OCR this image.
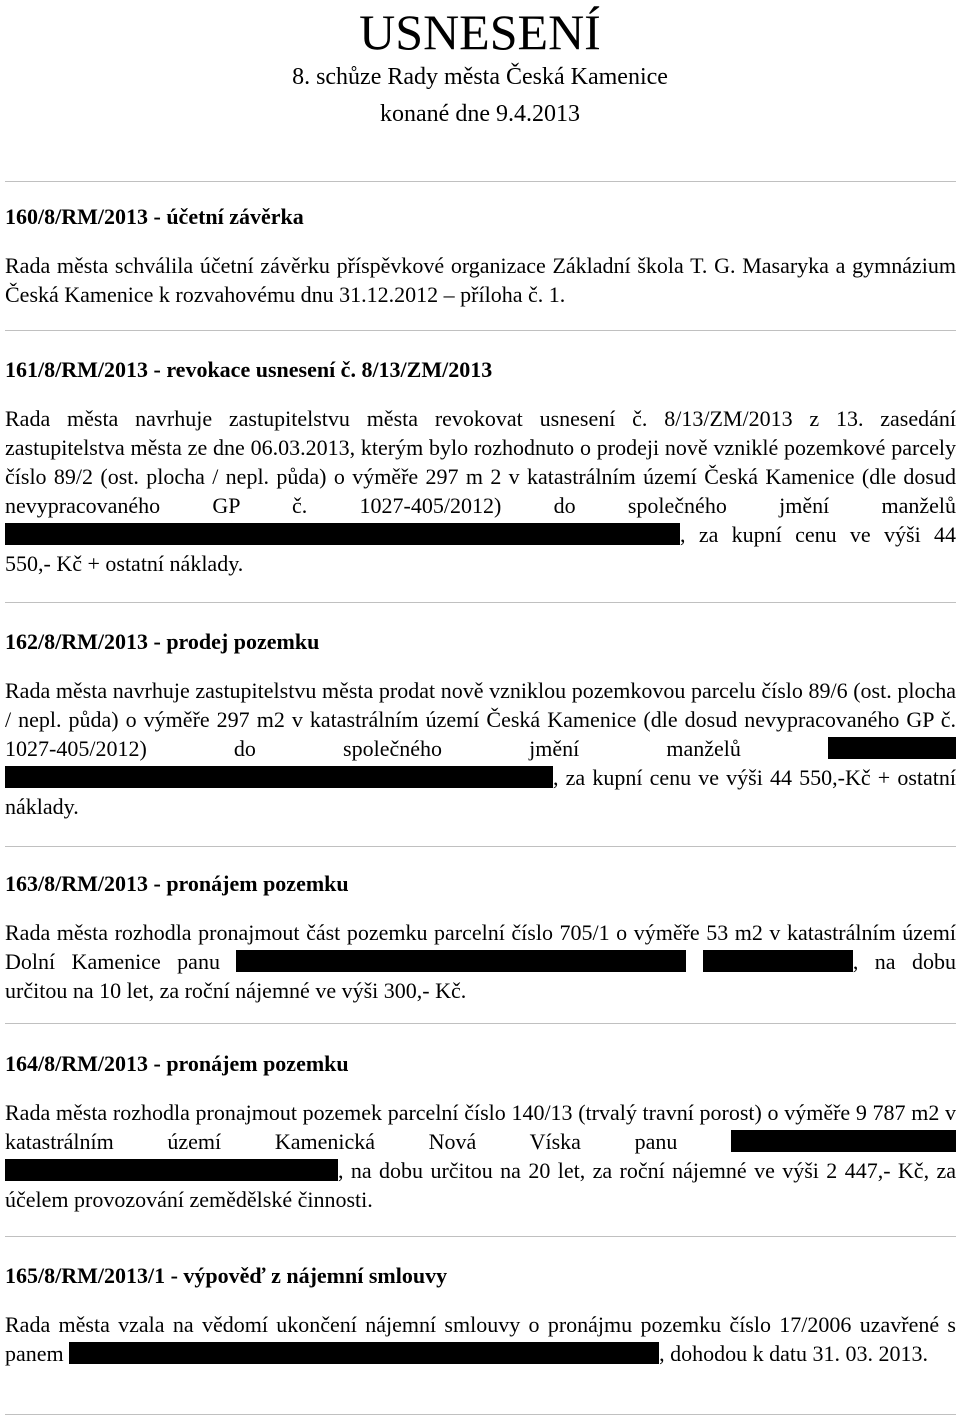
USNESENÍ
8. schůze Rady města Česká Kamenice
konané dne 9.4.2013
160/8/RM/2013 - účetní závěrka
Rada města schválila účetní závěrku příspěvkové organizace Základní škola T. G. Masaryka a gymnázium Česká Kamenice k rozvahovému dnu 31.12.2012 – příloha č. 1.
161/8/RM/2013 - revokace usnesení č. 8/13/ZM/2013
Rada města navrhuje zastupitelstvu města revokovat usnesení č. 8/13/ZM/2013 z 13. zasedání zastupitelstva města ze dne 06.03.2013, kterým bylo rozhodnuto o prodeji nově vzniklé pozemkové parcely číslo 89/2 (ost. plocha / nepl. půda) o výměře 297 m 2 v katastrálním území Česká Kamenice (dle dosud nevypracovaného GP č. 1027-405/2012) do společného jmění manželů , za kupní cenu ve výši 44 550,- Kč + ostatní náklady.
162/8/RM/2013 - prodej pozemku
Rada města navrhuje zastupitelstvu města prodat nově vzniklou pozemkovou parcelu číslo 89/6 (ost. plocha / nepl. půda) o výměře 297 m2 v katastrálním území Česká Kamenice (dle dosud nevypracovaného GP č. 1027-405/2012) do společného jmění manželů  , za kupní cenu ve výši 44 550,-Kč + ostatní náklady.
163/8/RM/2013 - pronájem pozemku
Rada města rozhodla pronajmout část pozemku parcelní číslo 705/1 o výměře 53 m2 v katastrálním území Dolní Kamenice panu	, na dobu určitou na 10 let, za roční nájemné ve výši 300,- Kč.
164/8/RM/2013 - pronájem pozemku
Rada města rozhodla pronajmout pozemek parcelní číslo 140/13 (trvalý travní porost) o výměře 9 787 m2 v katastrálním území Kamenická Nová Víska panu  , na dobu určitou na 20 let, za roční nájemné ve výši 2 447,- Kč, za účelem provozování zemědělské činnosti.
165/8/RM/2013/1 - výpověď z nájemní smlouvy
Rada města vzala na vědomí ukončení nájemní smlouvy o pronájmu pozemku číslo 17/2006 uzavřené s panem	, dohodou k datu 31. 03. 2013.
